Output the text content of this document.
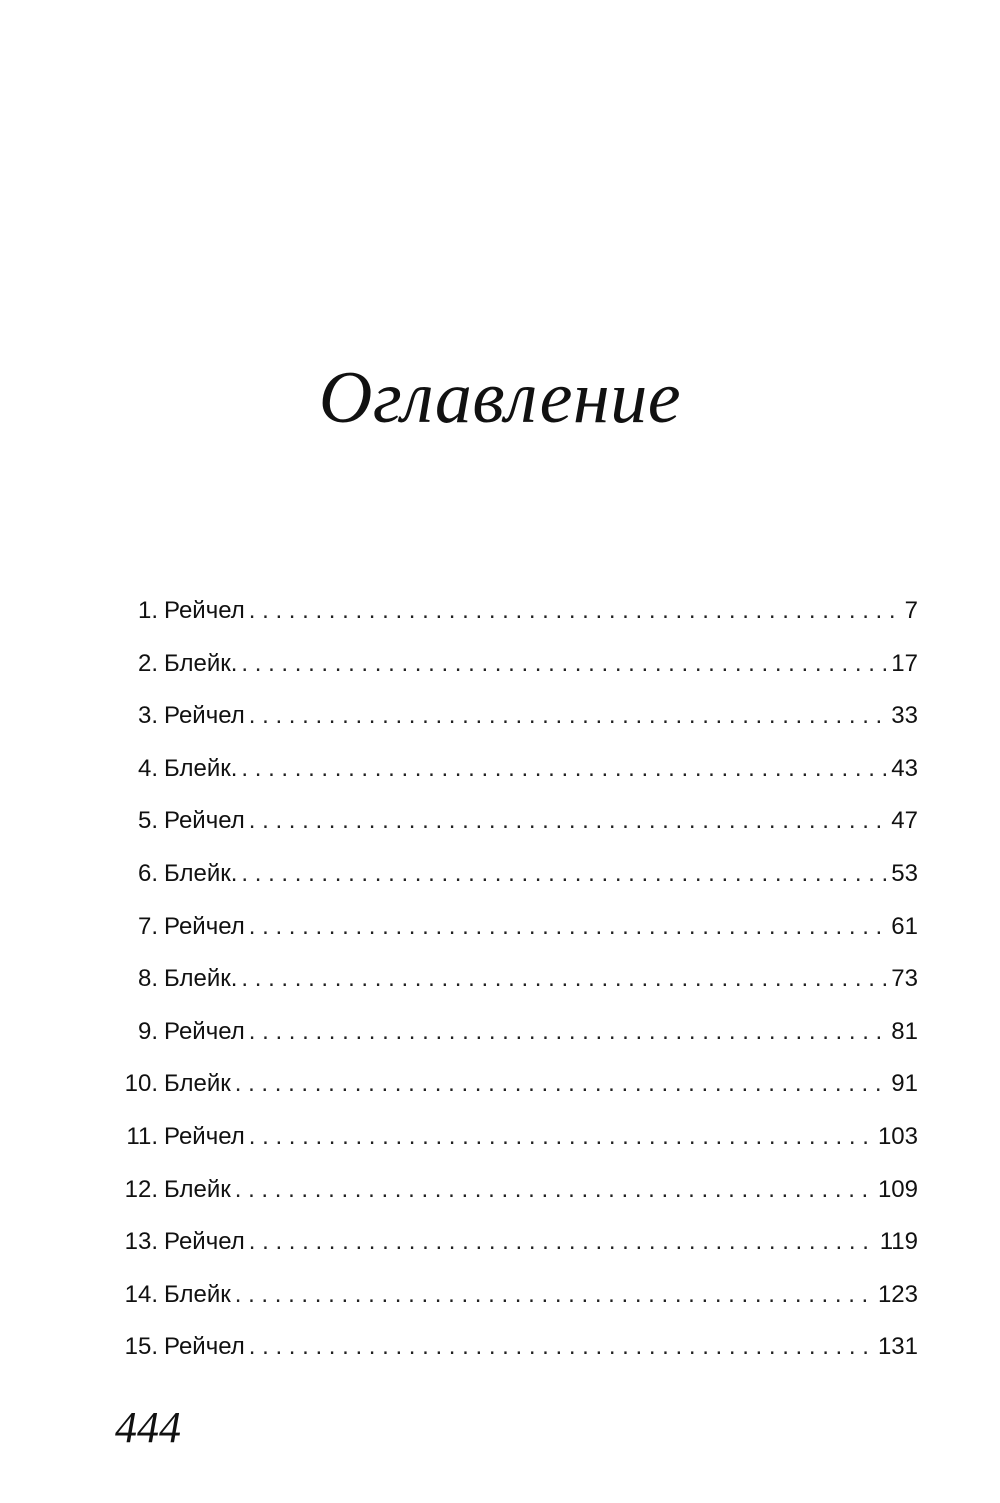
Оглавление
1. Рейчел . . .	7
2. Блейк. . . .	17
3. Рейчел . . .	33
4. Блейк. . . .	43
5. Рейчел . . .	47
6. Блейк. . . .	53
7. Рейчел . . .	61
8. Блейк. . . .	73
9. Рейчел . . .	81
10. Блейк . . .	91
11. Рейчел . . .	103
12. Блейк . . .	109
13. Рейчел . . .	119
14. Блейк . . .	123
15. Рейчел . . .	131
444
